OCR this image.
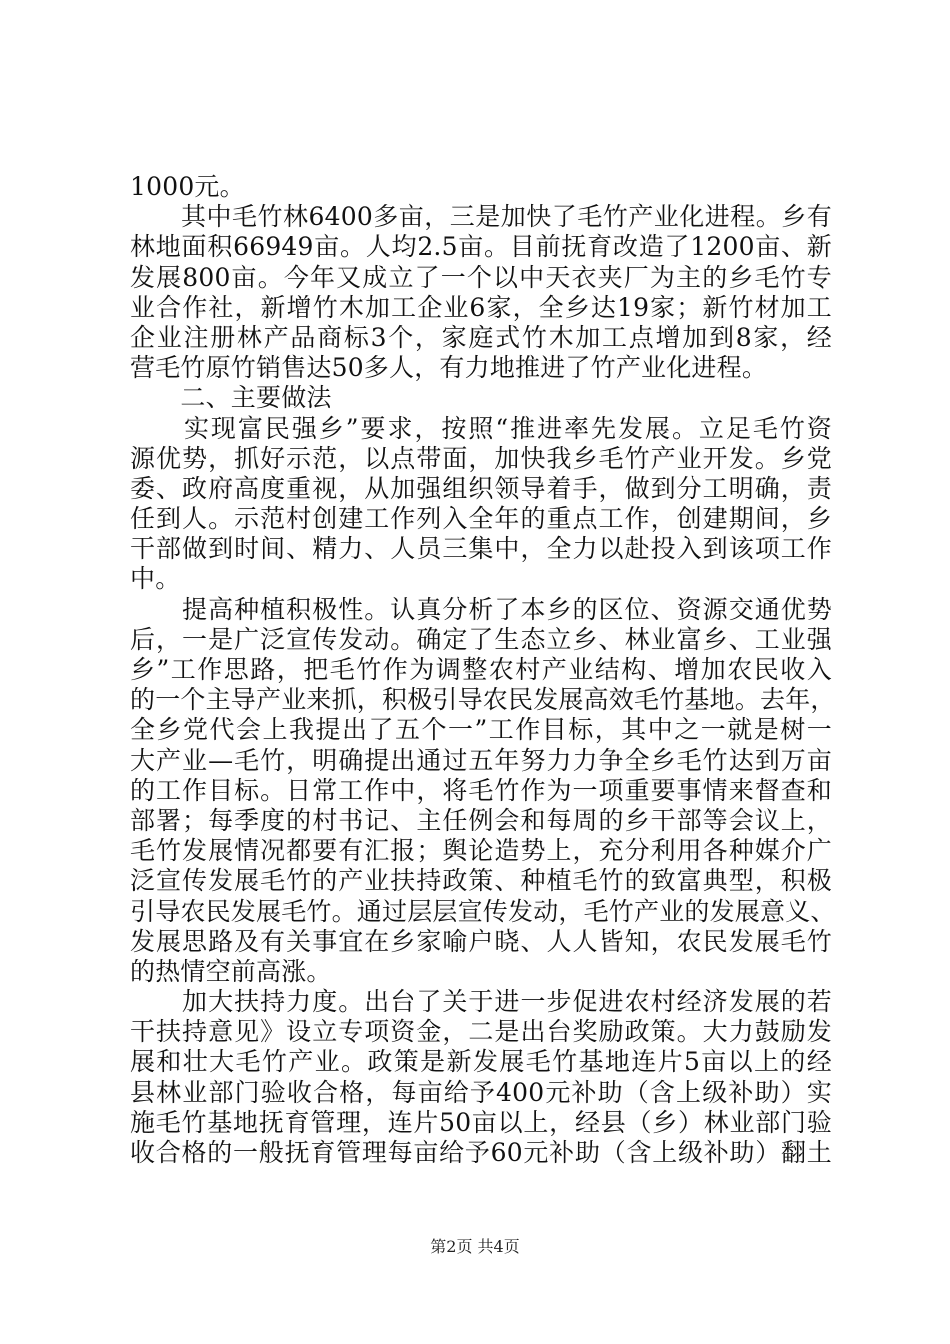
1000元。
　　其中毛竹林6400多亩，三是加快了毛竹产业化进程。乡有
林地面积66949亩。人均2.5亩。目前抚育改造了1200亩、新
发展800亩。今年又成立了一个以中天衣夹厂为主的乡毛竹专
业合作社，新增竹木加工企业6家，全乡达19家；新竹材加工
企业注册林产品商标3个，家庭式竹木加工点增加到8家，经
营毛竹原竹销售达50多人，有力地推进了竹产业化进程。
　　二、主要做法
　　实现富民强乡”要求，按照“推进率先发展。立足毛竹资
源优势，抓好示范，以点带面，加快我乡毛竹产业开发。乡党
委、政府高度重视，从加强组织领导着手，做到分工明确，责
任到人。示范村创建工作列入全年的重点工作，创建期间，乡
干部做到时间、精力、人员三集中，全力以赴投入到该项工作
中。
　　提高种植积极性。认真分析了本乡的区位、资源交通优势
后，一是广泛宣传发动。确定了生态立乡、林业富乡、工业强
乡”工作思路，把毛竹作为调整农村产业结构、增加农民收入
的一个主导产业来抓，积极引导农民发展高效毛竹基地。去年，
全乡党代会上我提出了五个一”工作目标，其中之一就是树一
大产业—毛竹，明确提出通过五年努力力争全乡毛竹达到万亩
的工作目标。日常工作中，将毛竹作为一项重要事情来督查和
部署；每季度的村书记、主任例会和每周的乡干部等会议上，
毛竹发展情况都要有汇报；舆论造势上，充分利用各种媒介广
泛宣传发展毛竹的产业扶持政策、种植毛竹的致富典型，积极
引导农民发展毛竹。通过层层宣传发动，毛竹产业的发展意义、
发展思路及有关事宜在乡家喻户晓、人人皆知，农民发展毛竹
的热情空前高涨。
　　加大扶持力度。出台了关于进一步促进农村经济发展的若
干扶持意见》设立专项资金，二是出台奖励政策。大力鼓励发
展和壮大毛竹产业。政策是新发展毛竹基地连片5亩以上的经
县林业部门验收合格，每亩给予400元补助（含上级补助）实
施毛竹基地抚育管理，连片50亩以上，经县（乡）林业部门验
收合格的一般抚育管理每亩给予60元补助（含上级补助）翻土
第2页 共4页
